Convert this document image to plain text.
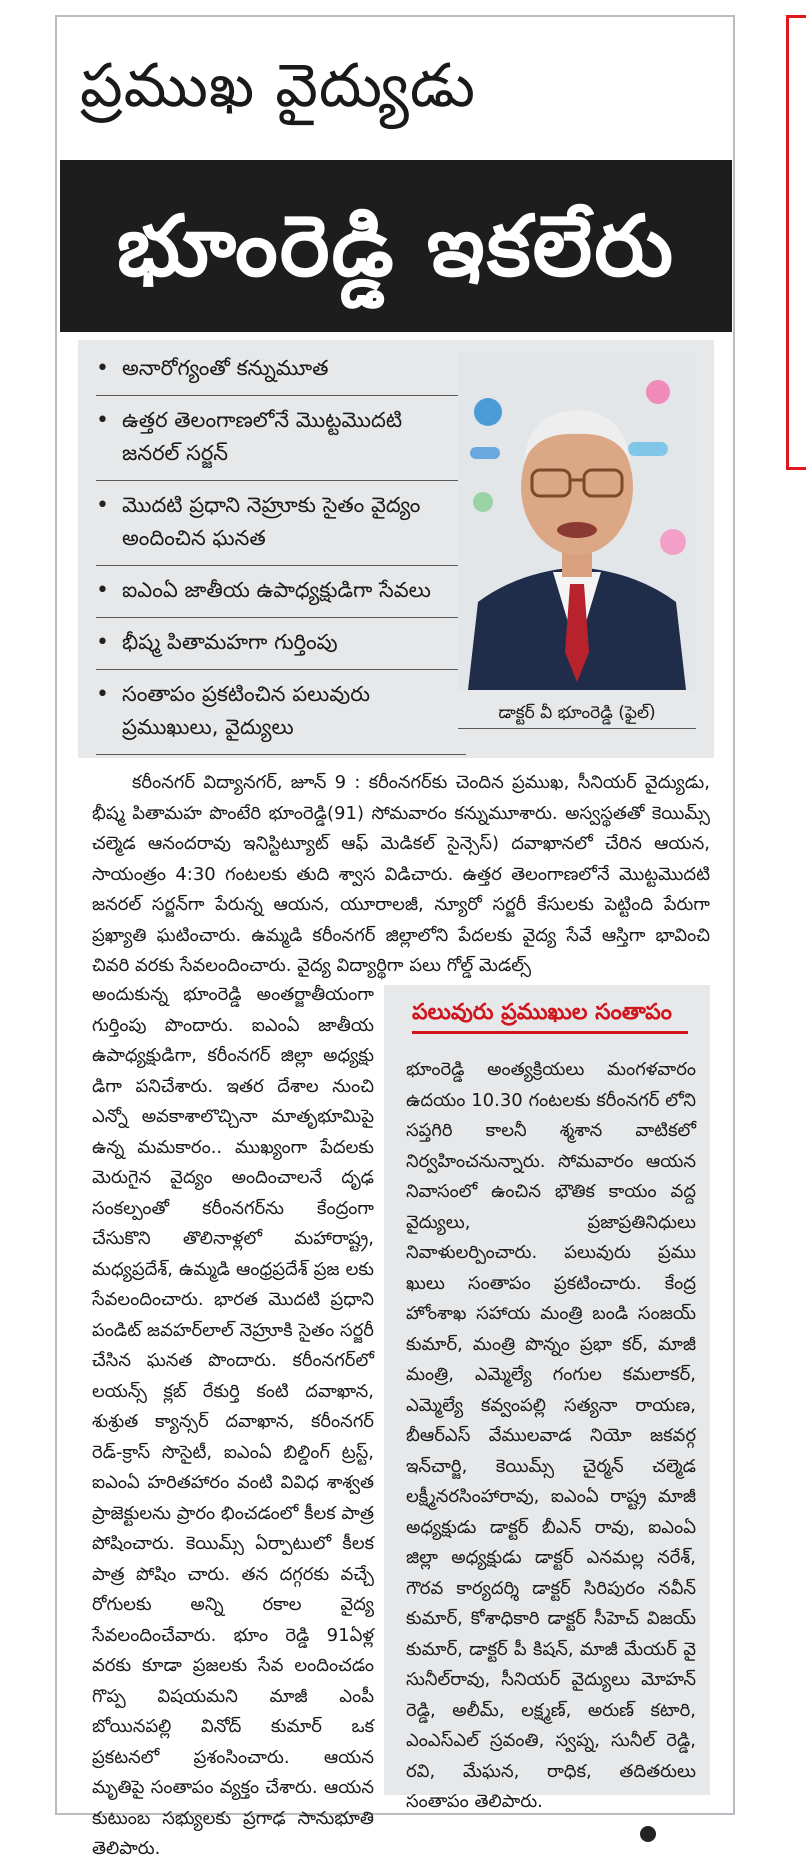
ప్రముఖ వైద్యుడు
భూంరెడ్డి ఇకలేరు
• అనారోగ్యంతో కన్నుమూత
• ఉత్తర తెలంగాణలోనే మొట్టమొదటి జనరల్ సర్జన్
• మొదటి ప్రధాని నెహ్రూకు సైతం వైద్యం అందించిన ఘనత
• ఐఎంఏ జాతీయ ఉపాధ్యక్షుడిగా సేవలు
• భీష్మ పితామహగా గుర్తింపు
• సంతాపం ప్రకటించిన పలువురు ప్రముఖులు, వైద్యులు
డాక్టర్ వీ భూంరెడ్డి (ఫైల్)
కరీంనగర్ విద్యానగర్, జూన్ 9 : కరీంనగర్‌కు చెందిన ప్రముఖ, సీనియర్ వైద్యుడు, భీష్మ పితామహ పొంటేరి భూంరెడ్డి(91) సోమవారం కన్నుమూశారు. అస్వస్థతతో కెయిమ్స్ చల్మెడ ఆనందరావు ఇనిస్టిట్యూట్ ఆఫ్ మెడికల్ సైన్సెస్) దవాఖానలో చేరిన ఆయన, సాయంత్రం 4:30 గంటలకు తుది శ్వాస విడిచారు. ఉత్తర తెలంగాణలోనే మొట్టమొదటి జనరల్ సర్జన్‌గా పేరున్న ఆయన, యూరాలజీ, న్యూరో సర్జరీ కేసులకు పెట్టింది పేరుగా ప్రఖ్యాతి ఘటించారు. ఉమ్మడి కరీంనగర్ జిల్లాలోని పేదలకు వైద్య సేవే ఆస్తిగా భావించి చివరి వరకు సేవలందించారు. వైద్య విద్యార్థిగా పలు గోల్డ్ మెడల్స్
అందుకున్న భూంరెడ్డి అంతర్జాతీయంగా గుర్తింపు పొందారు. ఐఎంఏ జాతీయ ఉపాధ్యక్షుడిగా, కరీంనగర్ జిల్లా అధ్యక్షు డిగా పనిచేశారు. ఇతర దేశాల నుంచి ఎన్నో అవకాశాలొచ్చినా మాతృభూమిపై ఉన్న మమకారం.. ముఖ్యంగా పేదలకు మెరుగైన వైద్యం అందించాలనే దృఢ సంకల్పంతో కరీంనగర్‌ను కేంద్రంగా చేసుకొని తొలినాళ్లలో మహారాష్ట్ర, మధ్యప్రదేశ్, ఉమ్మడి ఆంధ్రప్రదేశ్ ప్రజ లకు సేవలందించారు. భారత మొదటి ప్రధాని పండిట్ జవహర్‌లాల్ నెహ్రూకి సైతం సర్జరీ చేసిన ఘనత పొందారు. కరీంనగర్‌లో లయన్స్ క్లబ్ రేకుర్తి కంటి దవాఖాన, శుశ్రుత క్యాన్సర్ దవాఖాన, కరీంనగర్ రెడ్-క్రాస్ సొసైటీ, ఐఎంఏ బిల్డింగ్ ట్రస్ట్, ఐఎంఏ హరితహారం వంటి వివిధ శాశ్వత ప్రాజెక్టులను ప్రారం భించడంలో కీలక పాత్ర పోషించారు. కెయిమ్స్ ఏర్పాటులో కీలక పాత్ర పోషిం చారు. తన దగ్గరకు వచ్చే రోగులకు అన్ని రకాల వైద్య సేవలందించేవారు. భూం రెడ్డి 91ఏళ్ల వరకు కూడా ప్రజలకు సేవ లందించడం గొప్ప విషయమని మాజీ ఎంపీ బోయినపల్లి వినోద్ కుమార్ ఒక ప్రకటనలో ప్రశంసించారు. ఆయన మృతిపై సంతాపం వ్యక్తం చేశారు. ఆయన కుటుంబ సభ్యులకు ప్రగాఢ సానుభూతి తెలిపారు.
పలువురు ప్రముఖుల సంతాపం
భూంరెడ్డి అంత్యక్రియలు మంగళవారం ఉదయం 10.30 గంటలకు కరీంనగర్ లోని సప్తగిరి కాలనీ శ్మశాన వాటికలో నిర్వహించనున్నారు. సోమవారం ఆయన నివాసంలో ఉంచిన భౌతిక కాయం వద్ద వైద్యులు, ప్రజాప్రతినిధులు నివాళులర్పించారు. పలువురు ప్రము ఖులు సంతాపం ప్రకటించారు. కేంద్ర హోంశాఖ సహాయ మంత్రి బండి సంజయ్ కుమార్, మంత్రి పొన్నం ప్రభా కర్, మాజీ మంత్రి, ఎమ్మెల్యే గంగుల కమలాకర్, ఎమ్మెల్యే కవ్వంపల్లి సత్యనా రాయణ, బీఆర్ఎస్ వేములవాడ నియో జకవర్గ ఇన్‌చార్జి, కెయిమ్స్ చైర్మన్ చల్మెడ లక్ష్మీనరసింహారావు, ఐఎంఏ రాష్ట్ర మాజీ అధ్యక్షుడు డాక్టర్ బీఎన్ రావు, ఐఎంఏ జిల్లా అధ్యక్షుడు డాక్టర్ ఎనమల్ల నరేశ్, గౌరవ కార్యదర్శి డాక్టర్ సిరిపురం నవీన్ కుమార్, కోశాధికారి డాక్టర్ సీహెచ్ విజయ్ కుమార్, డాక్టర్ పీ కిషన్, మాజీ మేయర్ వై సునీల్‌రావు, సీనియర్ వైద్యులు మోహన్ రెడ్డి, అలీమ్, లక్ష్మణ్, అరుణ్ కటారి, ఎంఎస్ఎల్ స్రవంతి, స్వప్న, సునీల్ రెడ్డి, రవి, మేఘన, రాధిక, తదితరులు సంతాపం తెలిపారు.
